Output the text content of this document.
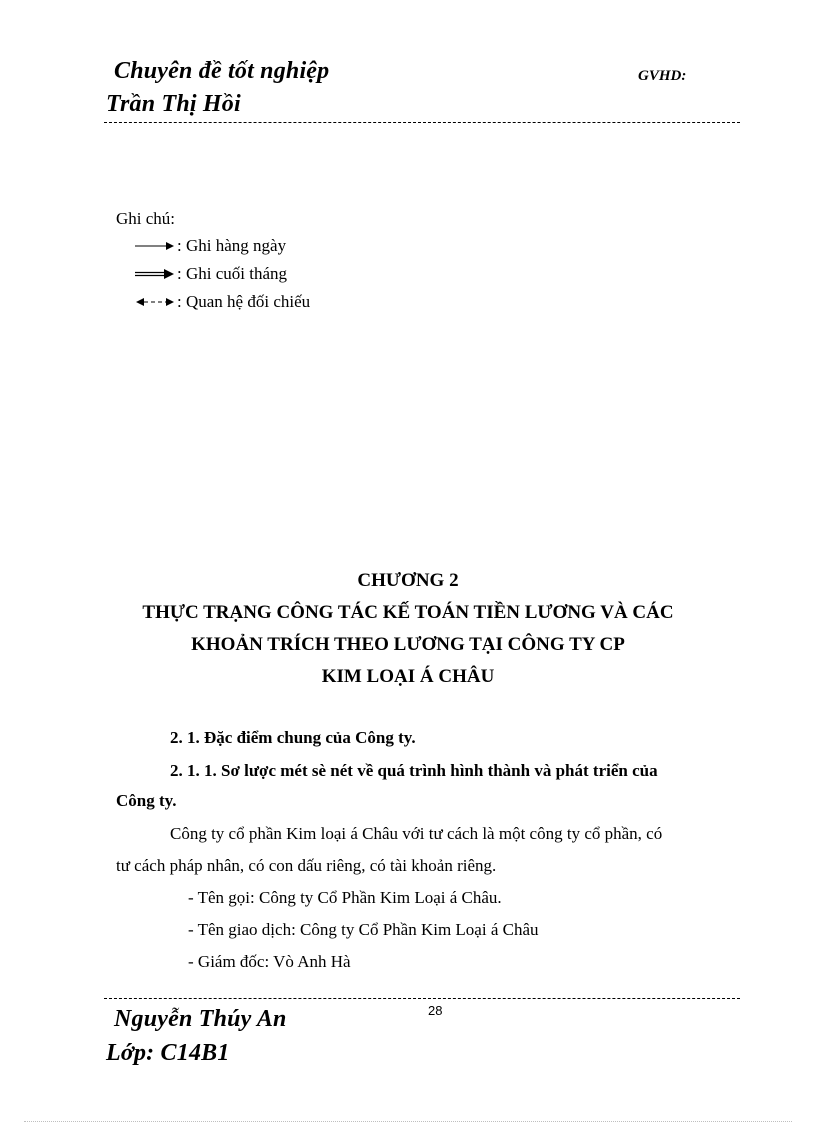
Chuyên đề tốt nghiệp	GVHD:
Trần Thị Hồi
Ghi chú:
: Ghi hàng ngày
: Ghi cuối tháng
: Quan hệ đối chiếu
CHƯƠNG 2
THỰC TRẠNG CÔNG TÁC KẾ TOÁN TIỀN LƯƠNG VÀ CÁC
KHOẢN TRÍCH THEO LƯƠNG TẠI CÔNG TY CP
KIM LOẠI Á CHÂU
2. 1. Đặc điểm chung của Công ty.
2. 1. 1. Sơ lược mét sè nét về quá trình hình thành và phát triển của
Công ty.
Công ty cổ phần Kim loại á Châu với tư cách là một công ty cổ phần, có
tư cách pháp nhân, có con dấu riêng, có tài khoản riêng.
- Tên gọi: Công ty Cổ Phần Kim Loại á Châu.
- Tên giao dịch: Công ty Cổ Phần Kim Loại á Châu
- Giám đốc: Vò Anh Hà
28
Nguyễn Thúy An
Lớp: C14B1
